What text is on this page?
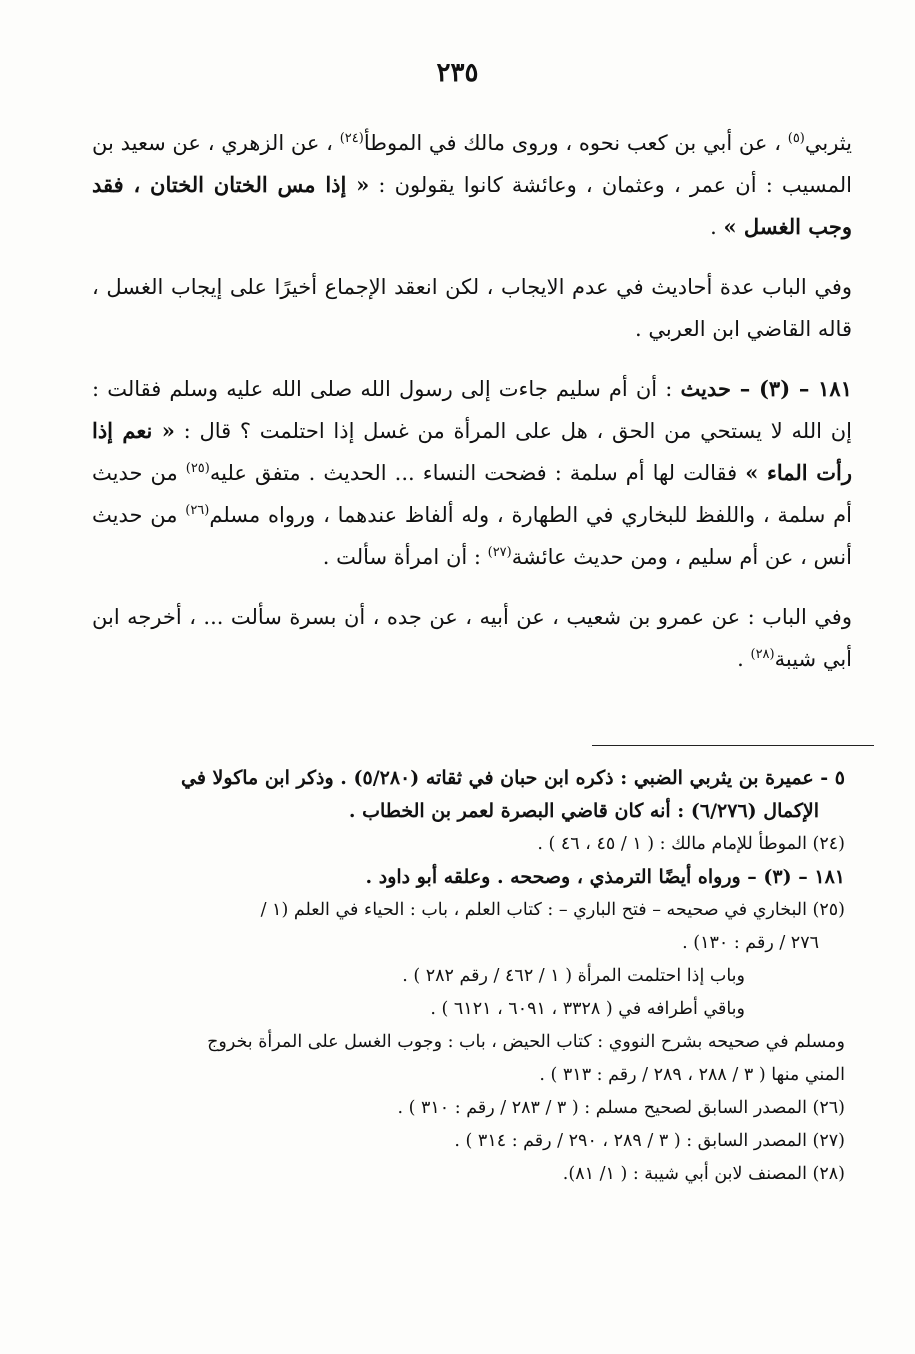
٢٣٥

يثربي$^{(٥)}$ ، عن أبي بن كعب نحوه ، وروى مالك في الموطأ$^{(٢٤)}$ ، عن الزهري ، عن سعيد بن المسيب : أن عمر ، وعثمان ، وعائشة كانوا يقولون : « إذا مس الختان الختان ، فقد وجب الغسل » .

وفي الباب عدة أحاديث في عدم الايجاب ، لكن انعقد الإجماع أخيرًا على إيجاب الغسل ، قاله القاضي ابن العربي .

١٨١ – (٣) – حديث : أن أم سليم جاءت إلى رسول الله صلى الله عليه وسلم فقالت : إن الله لا يستحي من الحق ، هل على المرأة من غسل إذا احتلمت ؟ قال : « نعم إذا رأت الماء » فقالت لها أم سلمة : فضحت النساء ... الحديث . متفق عليه$^{(٢٥)}$ من حديث أم سلمة ، واللفظ للبخاري في الطهارة ، وله ألفاظ عندهما ، ورواه مسلم$^{(٢٦)}$ من حديث أنس ، عن أم سليم ، ومن حديث عائشة$^{(٢٧)}$ : أن امرأة سألت .

وفي الباب : عن عمرو بن شعيب ، عن أبيه ، عن جده ، أن بسرة سألت ... ، أخرجه ابن أبي شيبة$^{(٢٨)}$ .

٥ - عميرة بن يثربي الضبي : ذكره ابن حبان في ثقاته (٥/٢٨٠) . وذكر ابن ماكولا في
الإكمال (٦/٢٧٦) : أنه كان قاضي البصرة لعمر بن الخطاب .
(٢٤) الموطأ للإمام مالك : ( ١ / ٤٥ ، ٤٦ ) .
١٨١ – (٣) – ورواه أيضًا الترمذي ، وصححه . وعلقه أبو داود .
(٢٥) البخاري في صحيحه – فتح الباري – : كتاب العلم ، باب : الحياء في العلم (١ /
٢٧٦ / رقم : ١٣٠) .
وباب إذا احتلمت المرأة ( ١ / ٤٦٢ / رقم ٢٨٢ ) .
وباقي أطرافه في ( ٣٣٢٨ ، ٦٠٩١ ، ٦١٢١ ) .
ومسلم في صحيحه بشرح النووي : كتاب الحيض ، باب : وجوب الغسل على المرأة بخروج
المني منها ( ٣ / ٢٨٨ ، ٢٨٩ / رقم : ٣١٣ ) .
(٢٦) المصدر السابق لصحيح مسلم : ( ٣ / ٢٨٣ / رقم : ٣١٠ ) .
(٢٧) المصدر السابق : ( ٣ / ٢٨٩ ، ٢٩٠ / رقم : ٣١٤ ) .
(٢٨) المصنف لابن أبي شيبة : ( ١/ ٨١).
